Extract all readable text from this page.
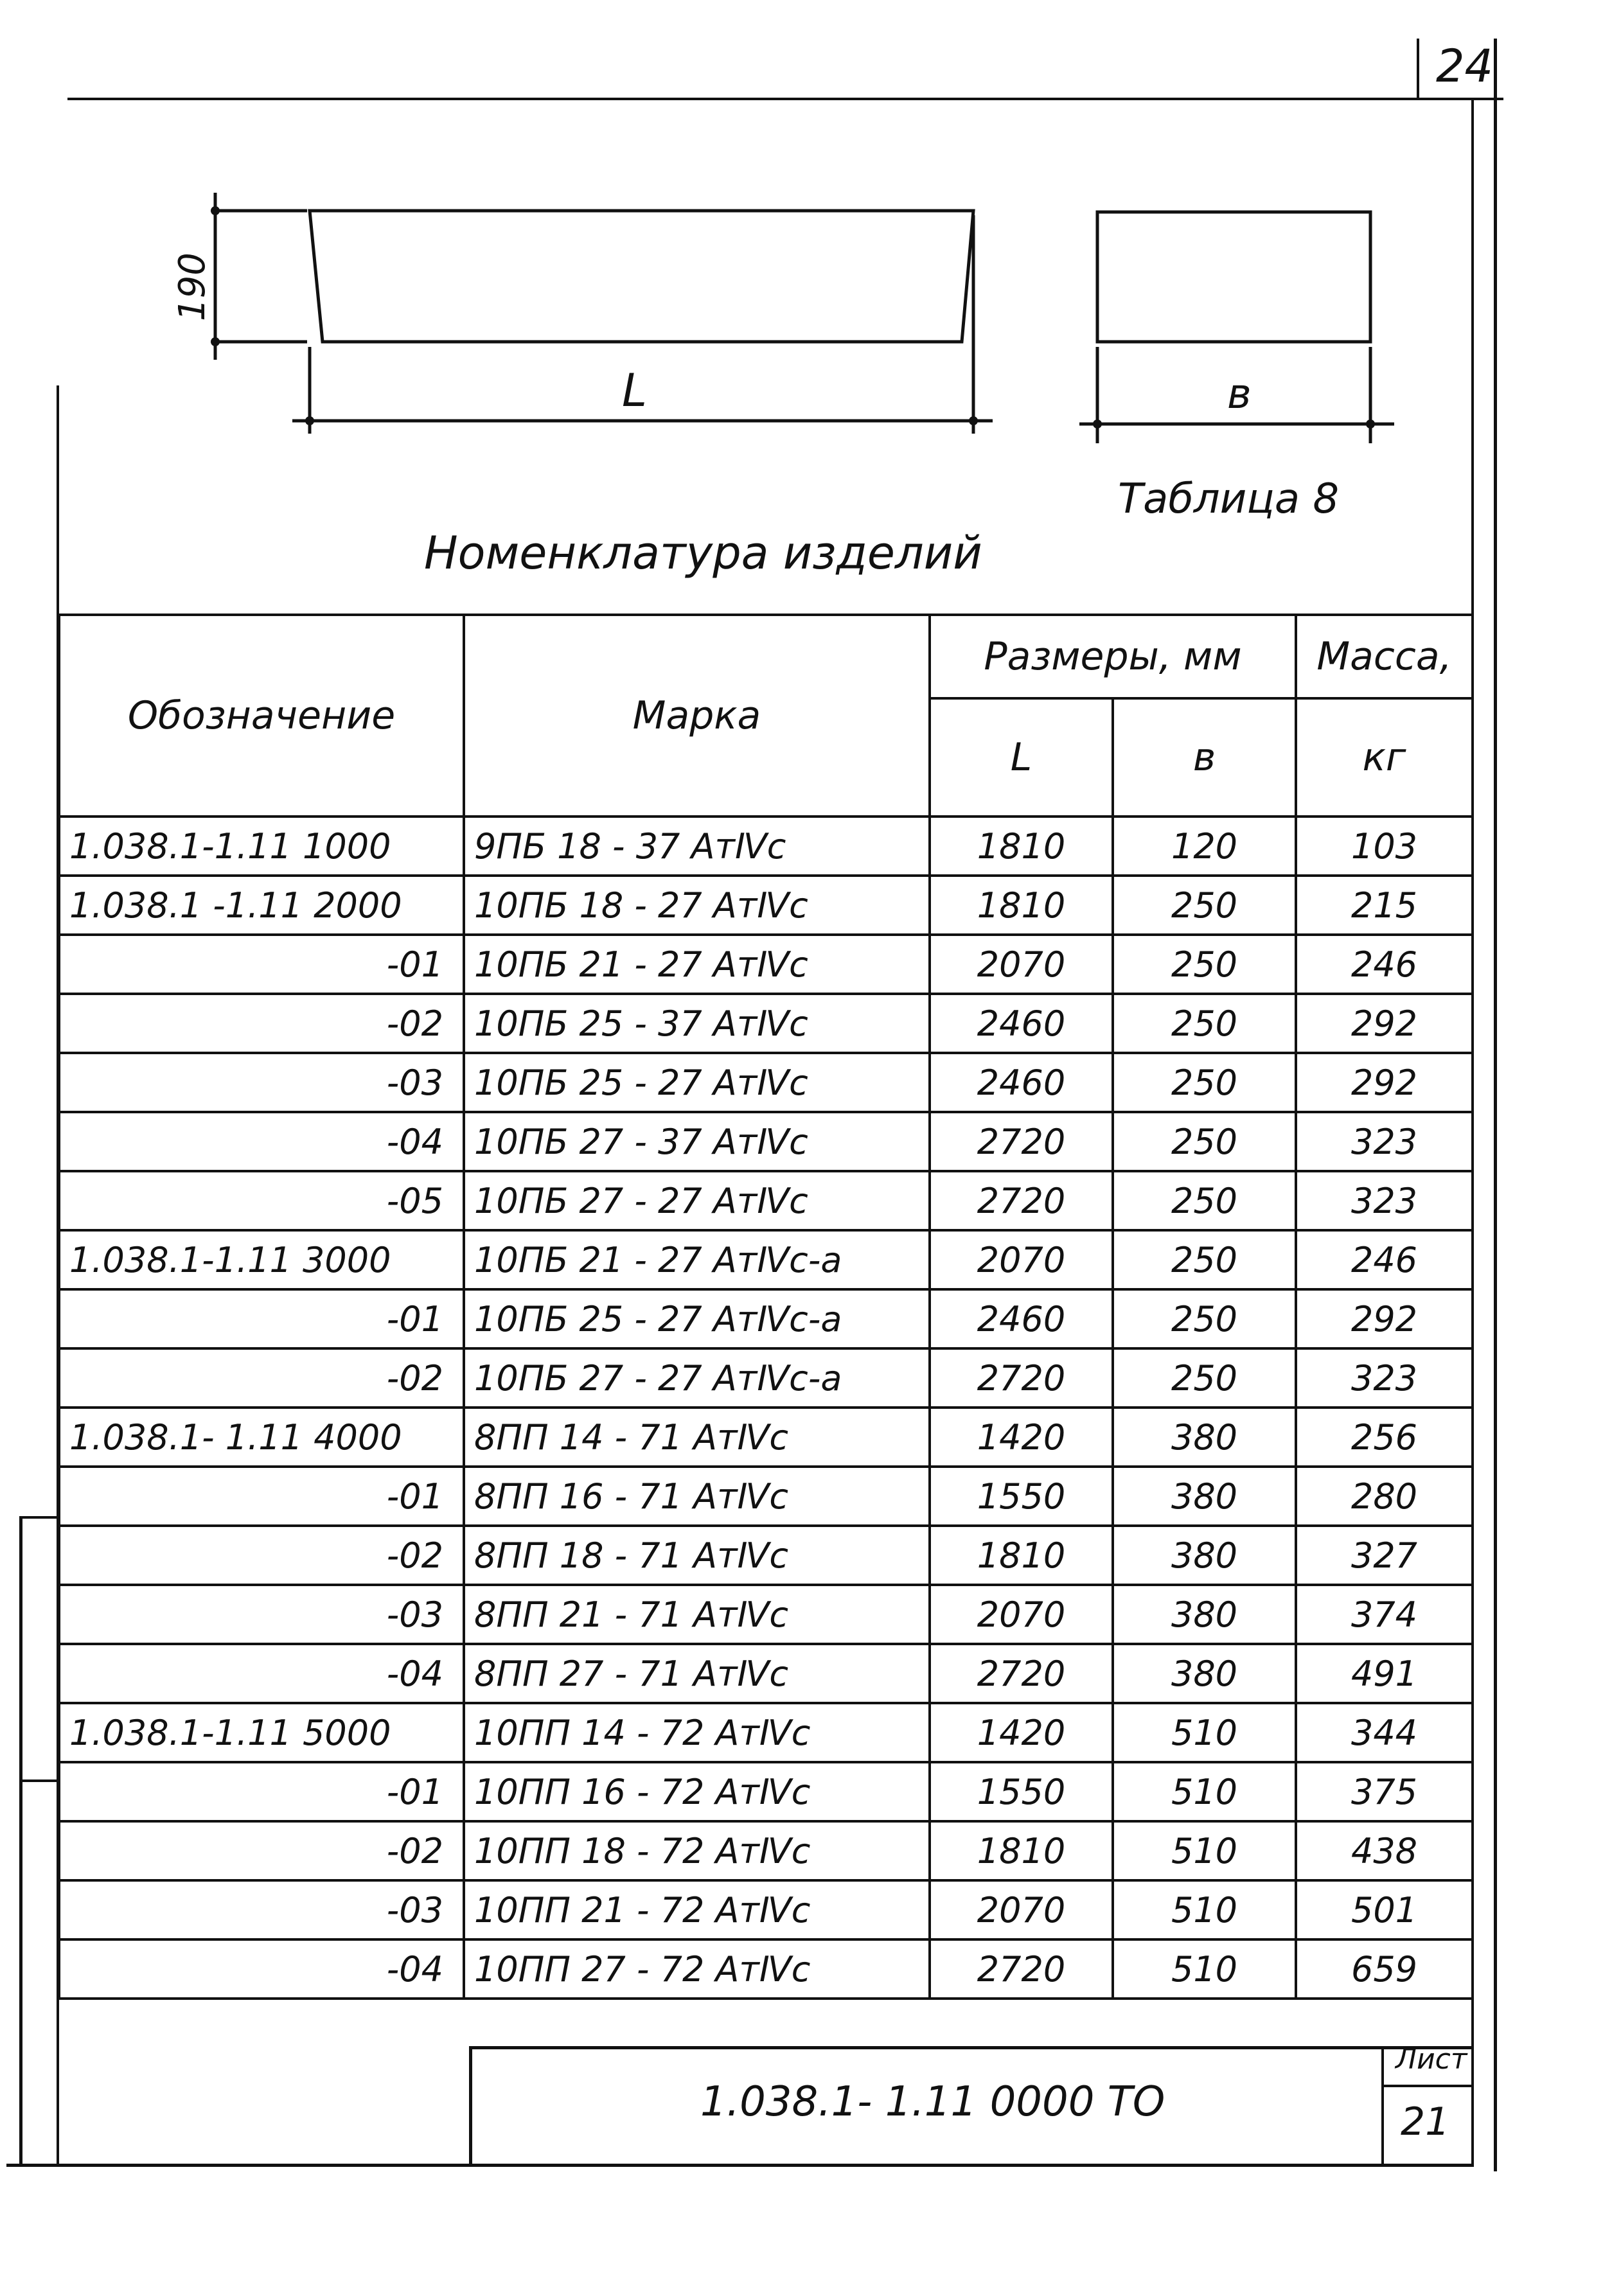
24
190
L	в
Таблица 8
Номенклатура изделий
Обозначение	Марка	Размеры, мм		Масса,
		L	в	кг
1.038.1-1.11 1000	9ПБ 18 - 37 АтⅣс	1810	120	103
1.038.1 -1.11 2000	10ПБ 18 - 27 АтⅣс	1810	250	215
-01	10ПБ 21 - 27 АтⅣс	2070	250	246
-02	10ПБ 25 - 37 АтⅣс	2460	250	292
-03	10ПБ 25 - 27 АтⅣс	2460	250	292
-04	10ПБ 27 - 37 АтⅣс	2720	250	323
-05	10ПБ 27 - 27 АтⅣс	2720	250	323
1.038.1-1.11 3000	10ПБ 21 - 27 АтⅣс-а	2070	250	246
-01	10ПБ 25 - 27 АтⅣс-а	2460	250	292
-02	10ПБ 27 - 27 АтⅣс-а	2720	250	323
1.038.1- 1.11 4000	8ПП 14 - 71 АтⅣс	1420	380	256
-01	8ПП 16 - 71 АтⅣс	1550	380	280
-02	8ПП 18 - 71 АтⅣс	1810	380	327
-03	8ПП 21 - 71 АтⅣс	2070	380	374
-04	8ПП 27 - 71 АтⅣс	2720	380	491
1.038.1-1.11 5000	10ПП 14 - 72 АтⅣс	1420	510	344
-01	10ПП 16 - 72 АтⅣс	1550	510	375
-02	10ПП 18 - 72 АтⅣс	1810	510	438
-03	10ПП 21 - 72 АтⅣс	2070	510	501
-04	10ПП 27 - 72 АтⅣс	2720	510	659
1.038.1- 1.11 0000 ТО
Лист
21
